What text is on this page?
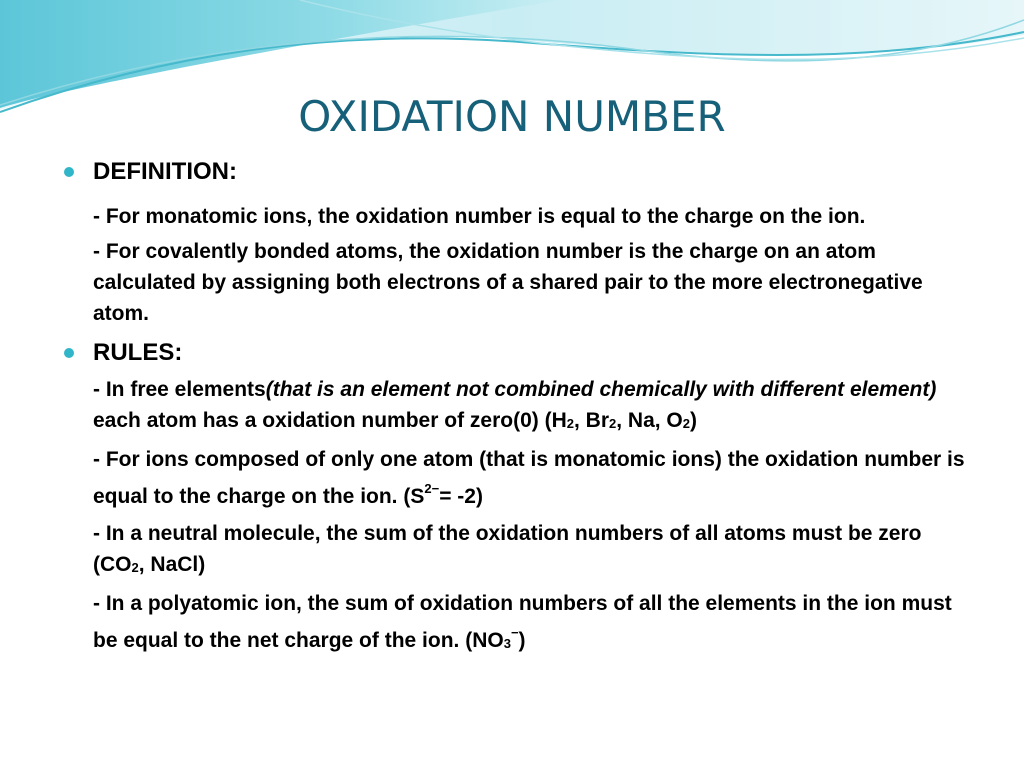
OXIDATION NUMBER
DEFINITION:
- For monatomic ions, the oxidation number is equal to the charge on the ion.
- For covalently bonded atoms, the oxidation number is the charge on an atom calculated by assigning both electrons of a shared pair to the more electronegative atom.
RULES:
- In free elements(that is an element not combined chemically with different element) each atom has a oxidation number of zero(0) ($H_2$, $Br_2$, Na, $O_2$)
- For ions composed of only one atom (that is monatomic ions) the oxidation number is equal to the charge on the ion. $(S^{2-}= -2)$
- In a neutral molecule, the sum of the oxidation numbers of all atoms must be zero ($CO_2$, NaCl)
- In a polyatomic ion, the sum of oxidation numbers of all the elements in the ion must be equal to the net charge of the ion. $(NO_3^-)$
